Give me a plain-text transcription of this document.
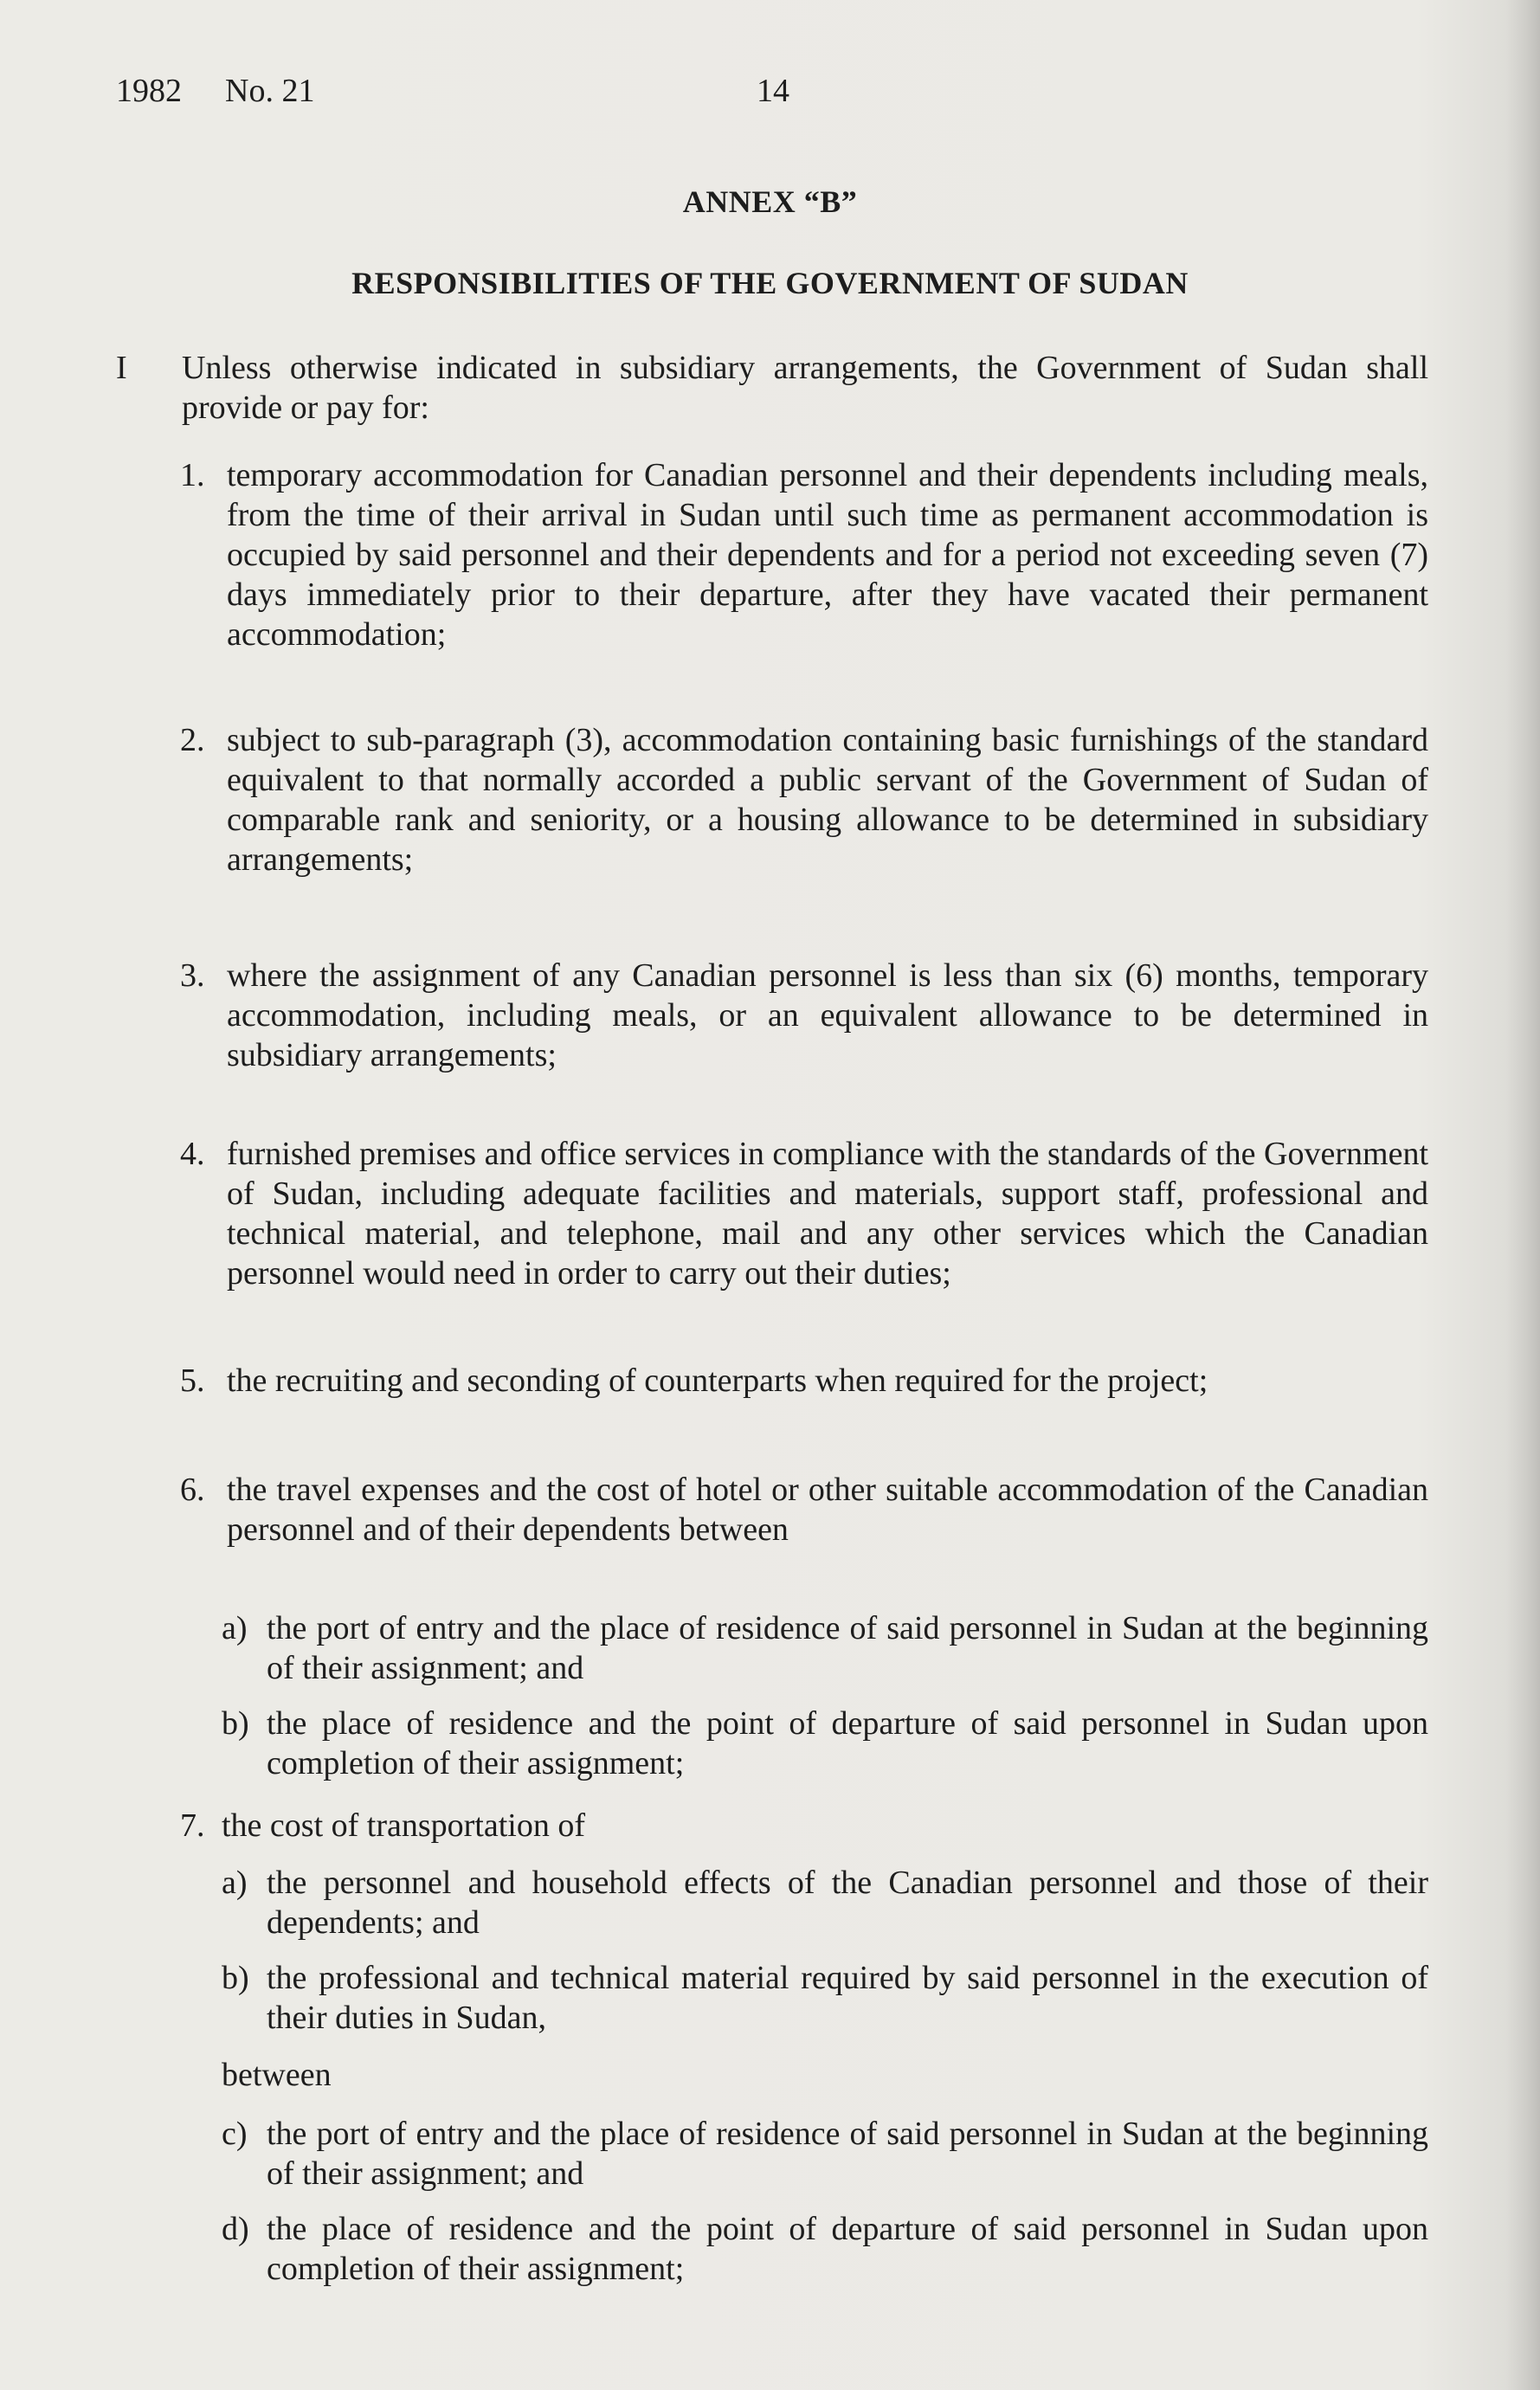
1982 No. 21	14
ANNEX “B”
RESPONSIBILITIES OF THE GOVERNMENT OF SUDAN
I Unless otherwise indicated in subsidiary arrangements, the Government of Sudan shall provide or pay for:
1. temporary accommodation for Canadian personnel and their dependents including meals, from the time of their arrival in Sudan until such time as permanent accommodation is occupied by said personnel and their dependents and for a period not exceeding seven (7) days immediately prior to their departure, after they have vacated their permanent accommodation;
2. subject to sub-paragraph (3), accommodation containing basic furnishings of the standard equivalent to that normally accorded a public servant of the Government of Sudan of comparable rank and seniority, or a housing allowance to be determined in subsidiary arrangements;
3. where the assignment of any Canadian personnel is less than six (6) months, temporary accommodation, including meals, or an equivalent allowance to be determined in subsidiary arrangements;
4. furnished premises and office services in compliance with the standards of the Government of Sudan, including adequate facilities and materials, support staff, professional and technical material, and telephone, mail and any other services which the Canadian personnel would need in order to carry out their duties;
5. the recruiting and seconding of counterparts when required for the project;
6. the travel expenses and the cost of hotel or other suitable accommodation of the Canadian personnel and of their dependents between
a) the port of entry and the place of residence of said personnel in Sudan at the beginning of their assignment; and
b) the place of residence and the point of departure of said personnel in Sudan upon completion of their assignment;
7. the cost of transportation of
a) the personnel and household effects of the Canadian personnel and those of their dependents; and
b) the professional and technical material required by said personnel in the execution of their duties in Sudan,
between
c) the port of entry and the place of residence of said personnel in Sudan at the beginning of their assignment; and
d) the place of residence and the point of departure of said personnel in Sudan upon completion of their assignment;
